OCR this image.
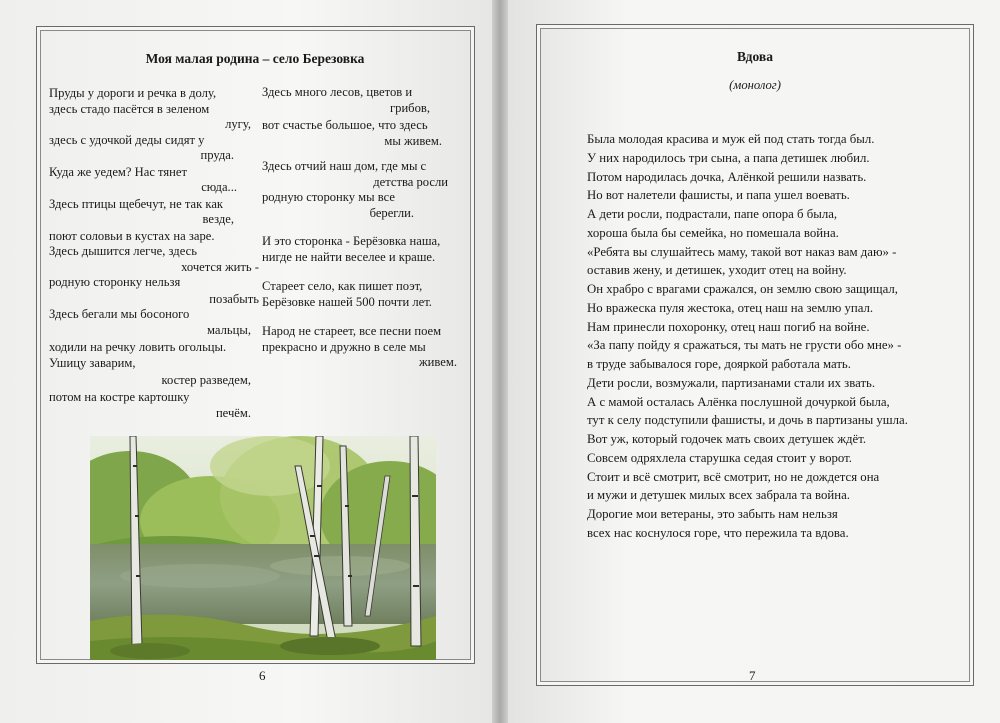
Моя малая родина – село Березовка
Пруды у дороги и речка в долу,
здесь стадо пасётся в зеленом
лугу,
здесь с удочкой деды сидят у
пруда.
Куда же уедем? Нас тянет
сюда...
Здесь птицы щебечут, не так как
везде,
поют соловьи в кустах на заре.
Здесь дышится легче, здесь
хочется жить -
родную сторонку нельзя
позабыть
Здесь бегали мы босоного
мальцы,
ходили на речку ловить огольцы.
Ушицу заварим,
костер разведем,
потом на костре картошку
печём.
Здесь много лесов, цветов и
грибов,
вот счастье большое, что здесь
мы живем.
Здесь отчий наш дом, где мы с
детства росли
родную сторонку мы все
берегли.
И это сторонка - Берёзовка наша,
нигде не найти веселее и краше.
Стареет село, как пишет поэт,
Берёзовке нашей 500 почти лет.
Народ не стареет, все песни поем
прекрасно и дружно в селе мы
живем.
6
Вдова
(монолог)
Была молодая красива и муж ей под стать тогда был.
У них народилось три сына, а папа детишек любил.
Потом народилась дочка, Алёнкой решили назвать.
Но вот налетели фашисты, и папа ушел воевать.
А дети росли, подрастали, папе опора б была,
хороша была бы семейка, но помешала война.
«Ребята вы слушайтесь маму, такой вот наказ вам даю» -
оставив жену, и детишек, уходит отец на войну.
Он храбро с врагами сражался, он землю свою защищал,
Но вражеска пуля жестока, отец наш на землю упал.
Нам принесли похоронку, отец наш погиб на войне.
«За папу пойду я сражаться, ты мать не грусти обо мне» -
в труде забывалося горе, дояркой работала мать.
Дети росли, возмужали, партизанами стали их звать.
А с мамой осталась Алёнка послушной дочуркой была,
тут к селу подступили фашисты, и дочь в партизаны ушла.
Вот уж, который годочек мать своих детушек ждёт.
Совсем одряхлела старушка седая стоит у ворот.
Стоит и всё смотрит, всё смотрит, но не дождется она
и мужи и детушек милых всех забрала та война.
Дорогие мои ветераны, это забыть нам нельзя
всех нас коснулося горе, что пережила та вдова.
7
